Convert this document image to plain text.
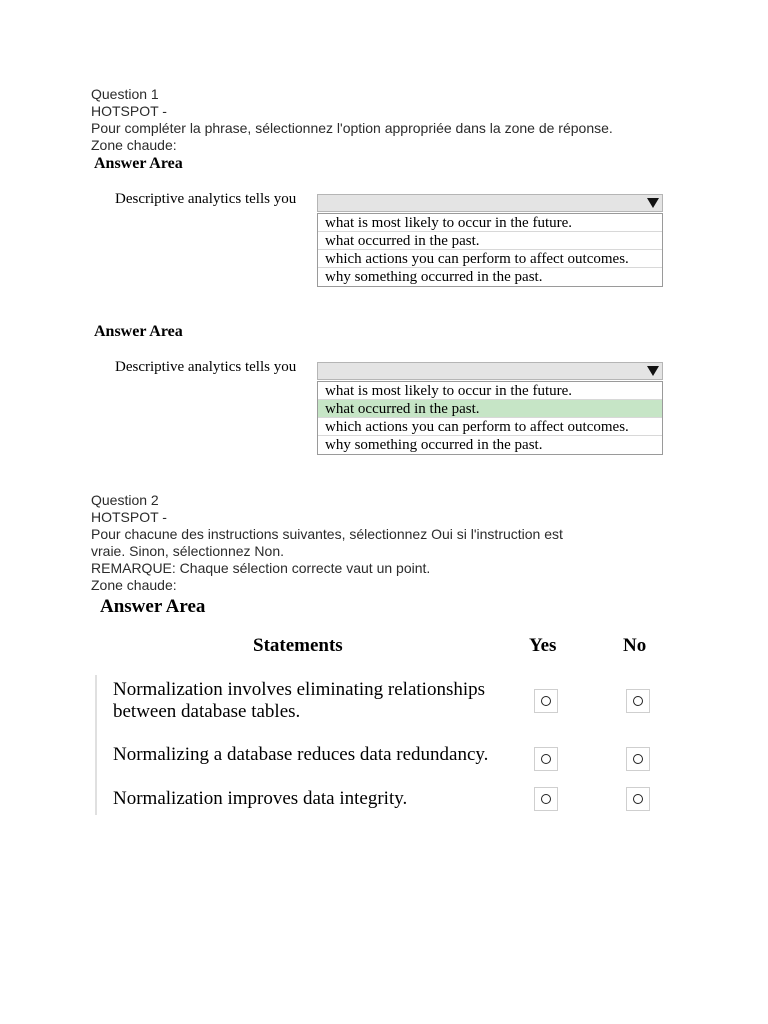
Question 1
HOTSPOT -
Pour compléter la phrase, sélectionnez l'option appropriée dans la zone de réponse.
Zone chaude:
Answer Area
Descriptive analytics tells you
what is most likely to occur in the future.
what occurred in the past.
which actions you can perform to affect outcomes.
why something occurred in the past.
Answer Area
Descriptive analytics tells you
what is most likely to occur in the future.
what occurred in the past.
which actions you can perform to affect outcomes.
why something occurred in the past.
Question 2
HOTSPOT -
Pour chacune des instructions suivantes, sélectionnez Oui si l'instruction est
vraie. Sinon, sélectionnez Non.
REMARQUE: Chaque sélection correcte vaut un point.
Zone chaude:
Answer Area
Statements	Yes	No
Normalization involves eliminating relationships
between database tables.
Normalizing a database reduces data redundancy.
Normalization improves data integrity.
